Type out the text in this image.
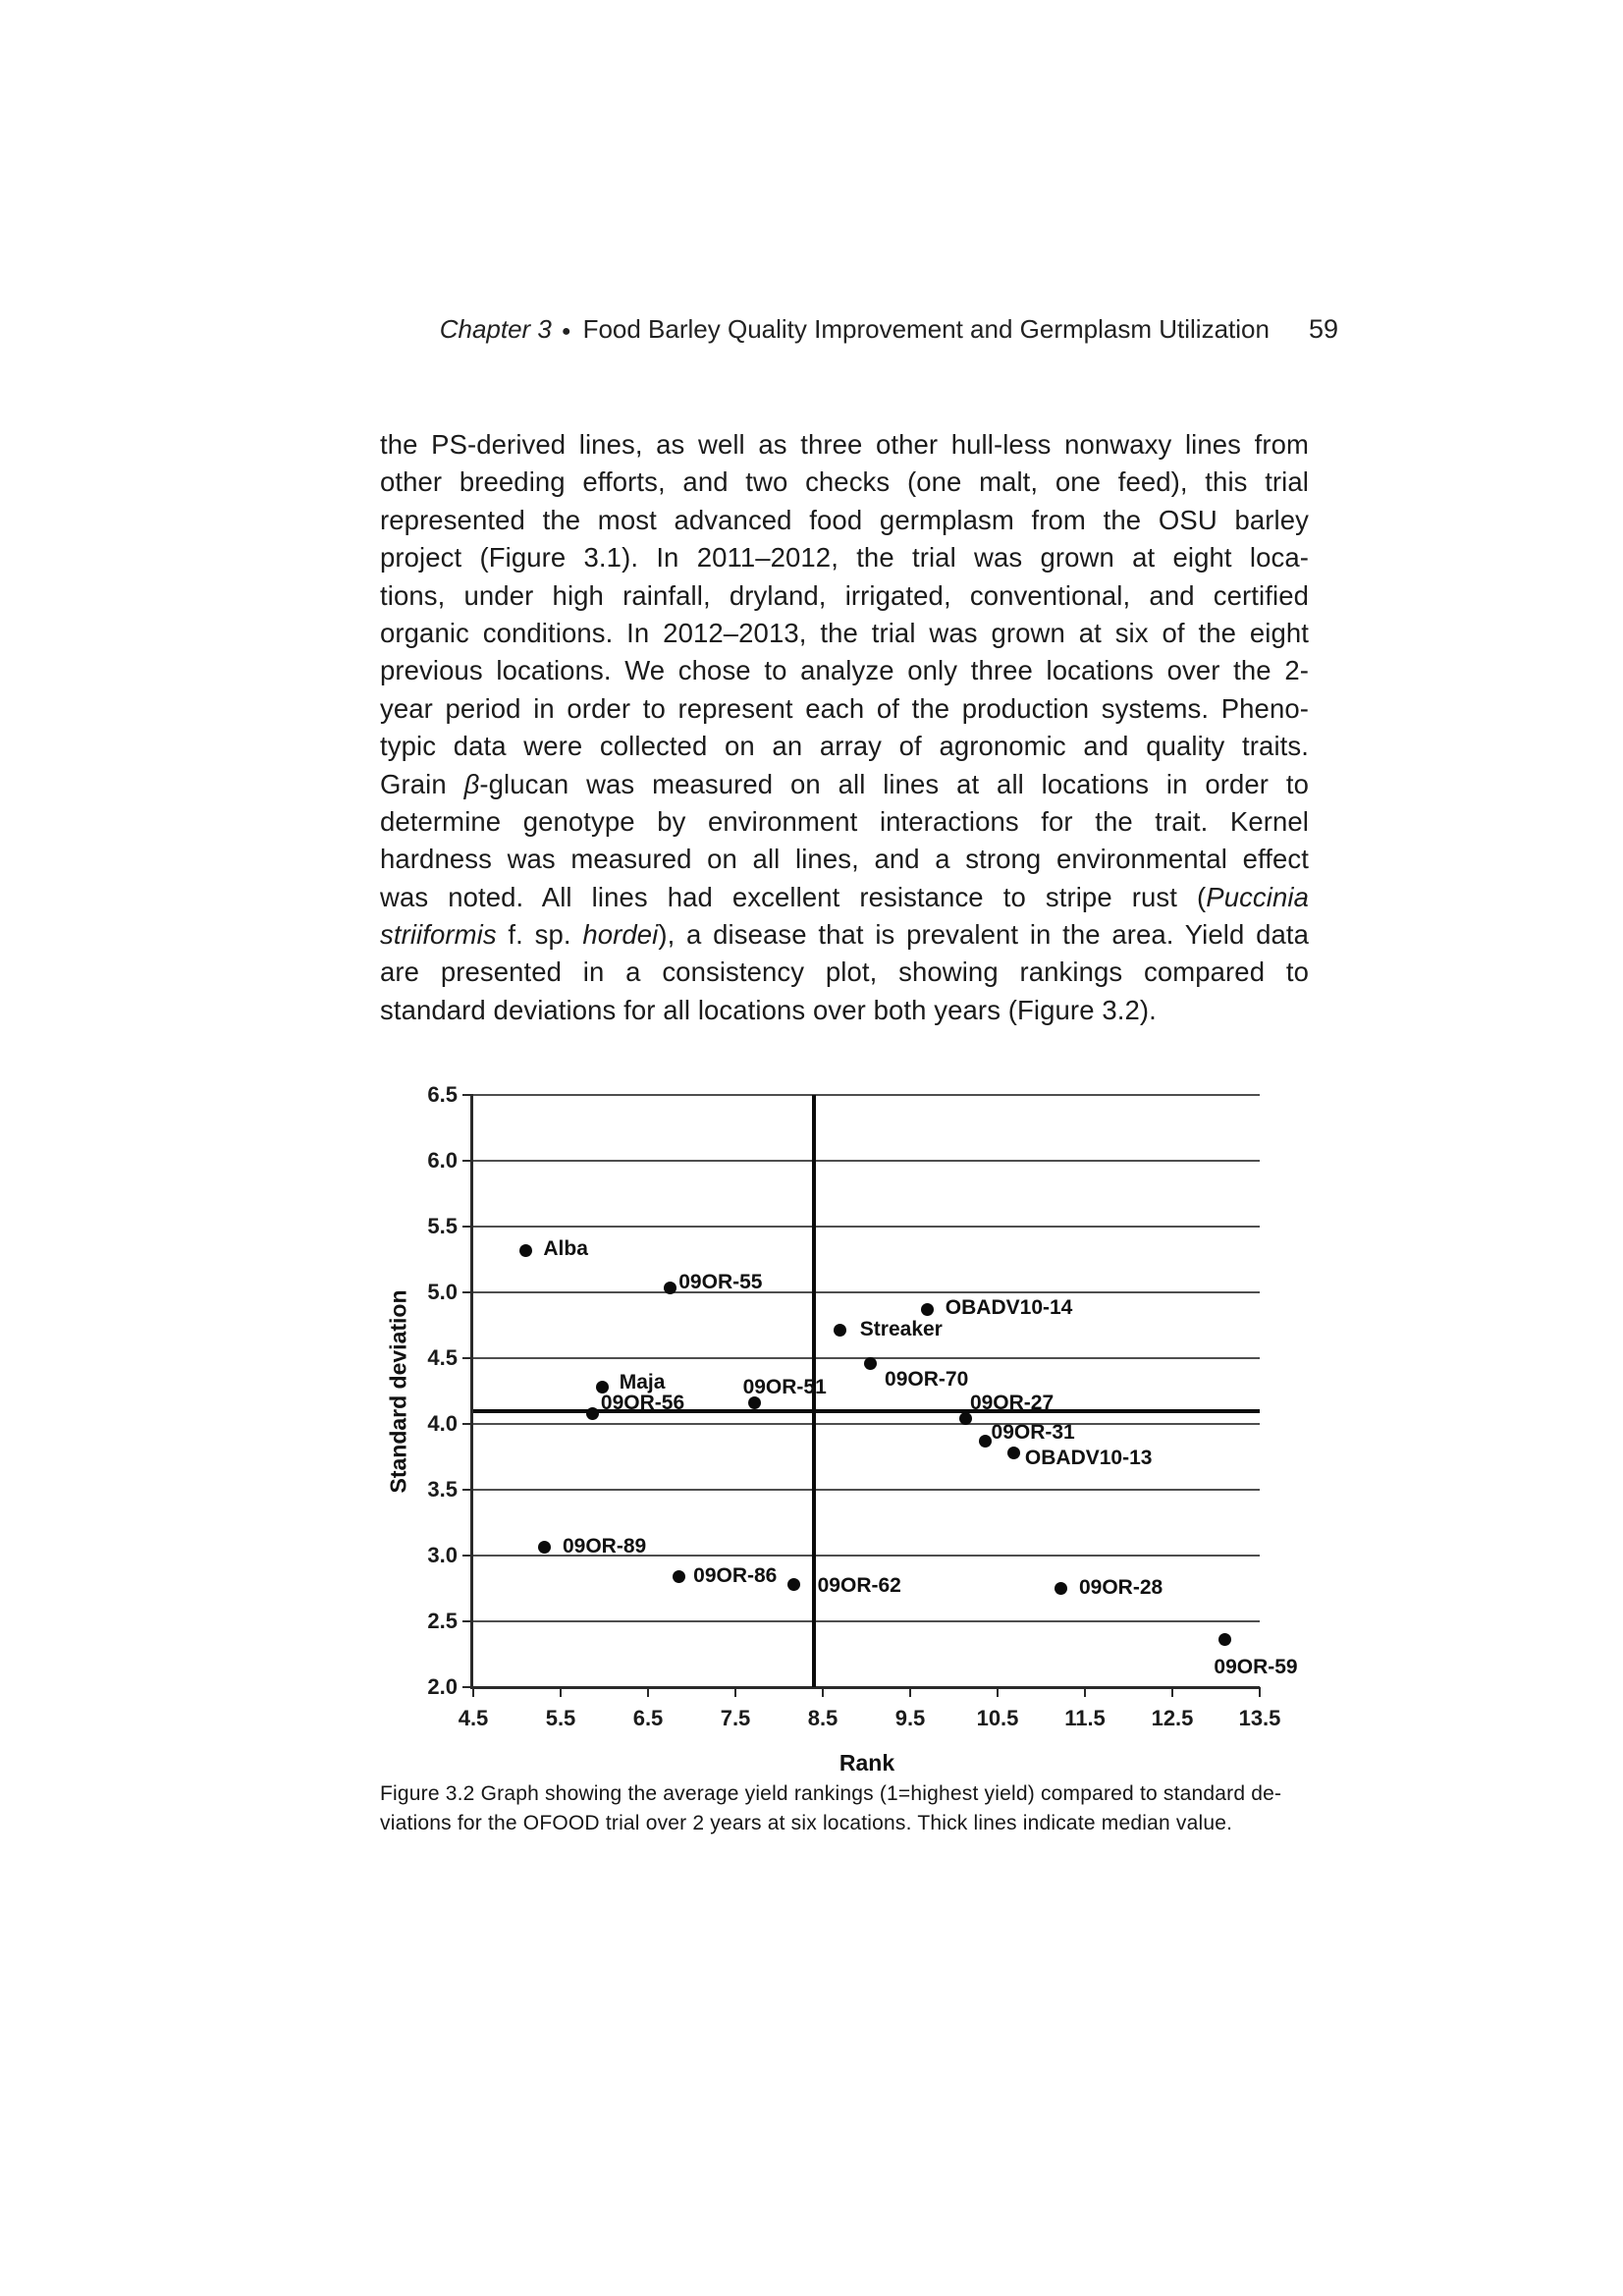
Chapter 3 ● Food Barley Quality Improvement and Germplasm Utilization 59
the PS-derived lines, as well as three other hull-less nonwaxy lines from
other breeding efforts, and two checks (one malt, one feed), this trial
represented the most advanced food germplasm from the OSU barley
project (Figure 3.1). In 2011–2012, the trial was grown at eight loca-
tions, under high rainfall, dryland, irrigated, conventional, and certified
organic conditions. In 2012–2013, the trial was grown at six of the eight
previous locations. We chose to analyze only three locations over the 2-
year period in order to represent each of the production systems. Pheno-
typic data were collected on an array of agronomic and quality traits.
Grain β-glucan was measured on all lines at all locations in order to
determine genotype by environment interactions for the trait. Kernel
hardness was measured on all lines, and a strong environmental effect
was noted. All lines had excellent resistance to stripe rust (Puccinia
striiformis f. sp. hordei), a disease that is prevalent in the area. Yield data
are presented in a consistency plot, showing rankings compared to
standard deviations for all locations over both years (Figure 3.2).
Standard deviation
Rank
2.0
2.5
3.0
3.5
4.0
4.5
5.0
5.5
6.0
6.5
4.5	5.5	6.5	7.5	8.5	9.5	10.5	11.5	12.5	13.5
Alba
09OR-55
OBADV10-14
Streaker
09OR-70
Maja	09OR-51
09OR-56	09OR-27
09OR-31
OBADV10-13
09OR-89
09OR-86 09OR-62	09OR-28
09OR-59
Figure 3.2 Graph showing the average yield rankings (1=highest yield) compared to standard de-
viations for the OFOOD trial over 2 years at six locations. Thick lines indicate median value.
